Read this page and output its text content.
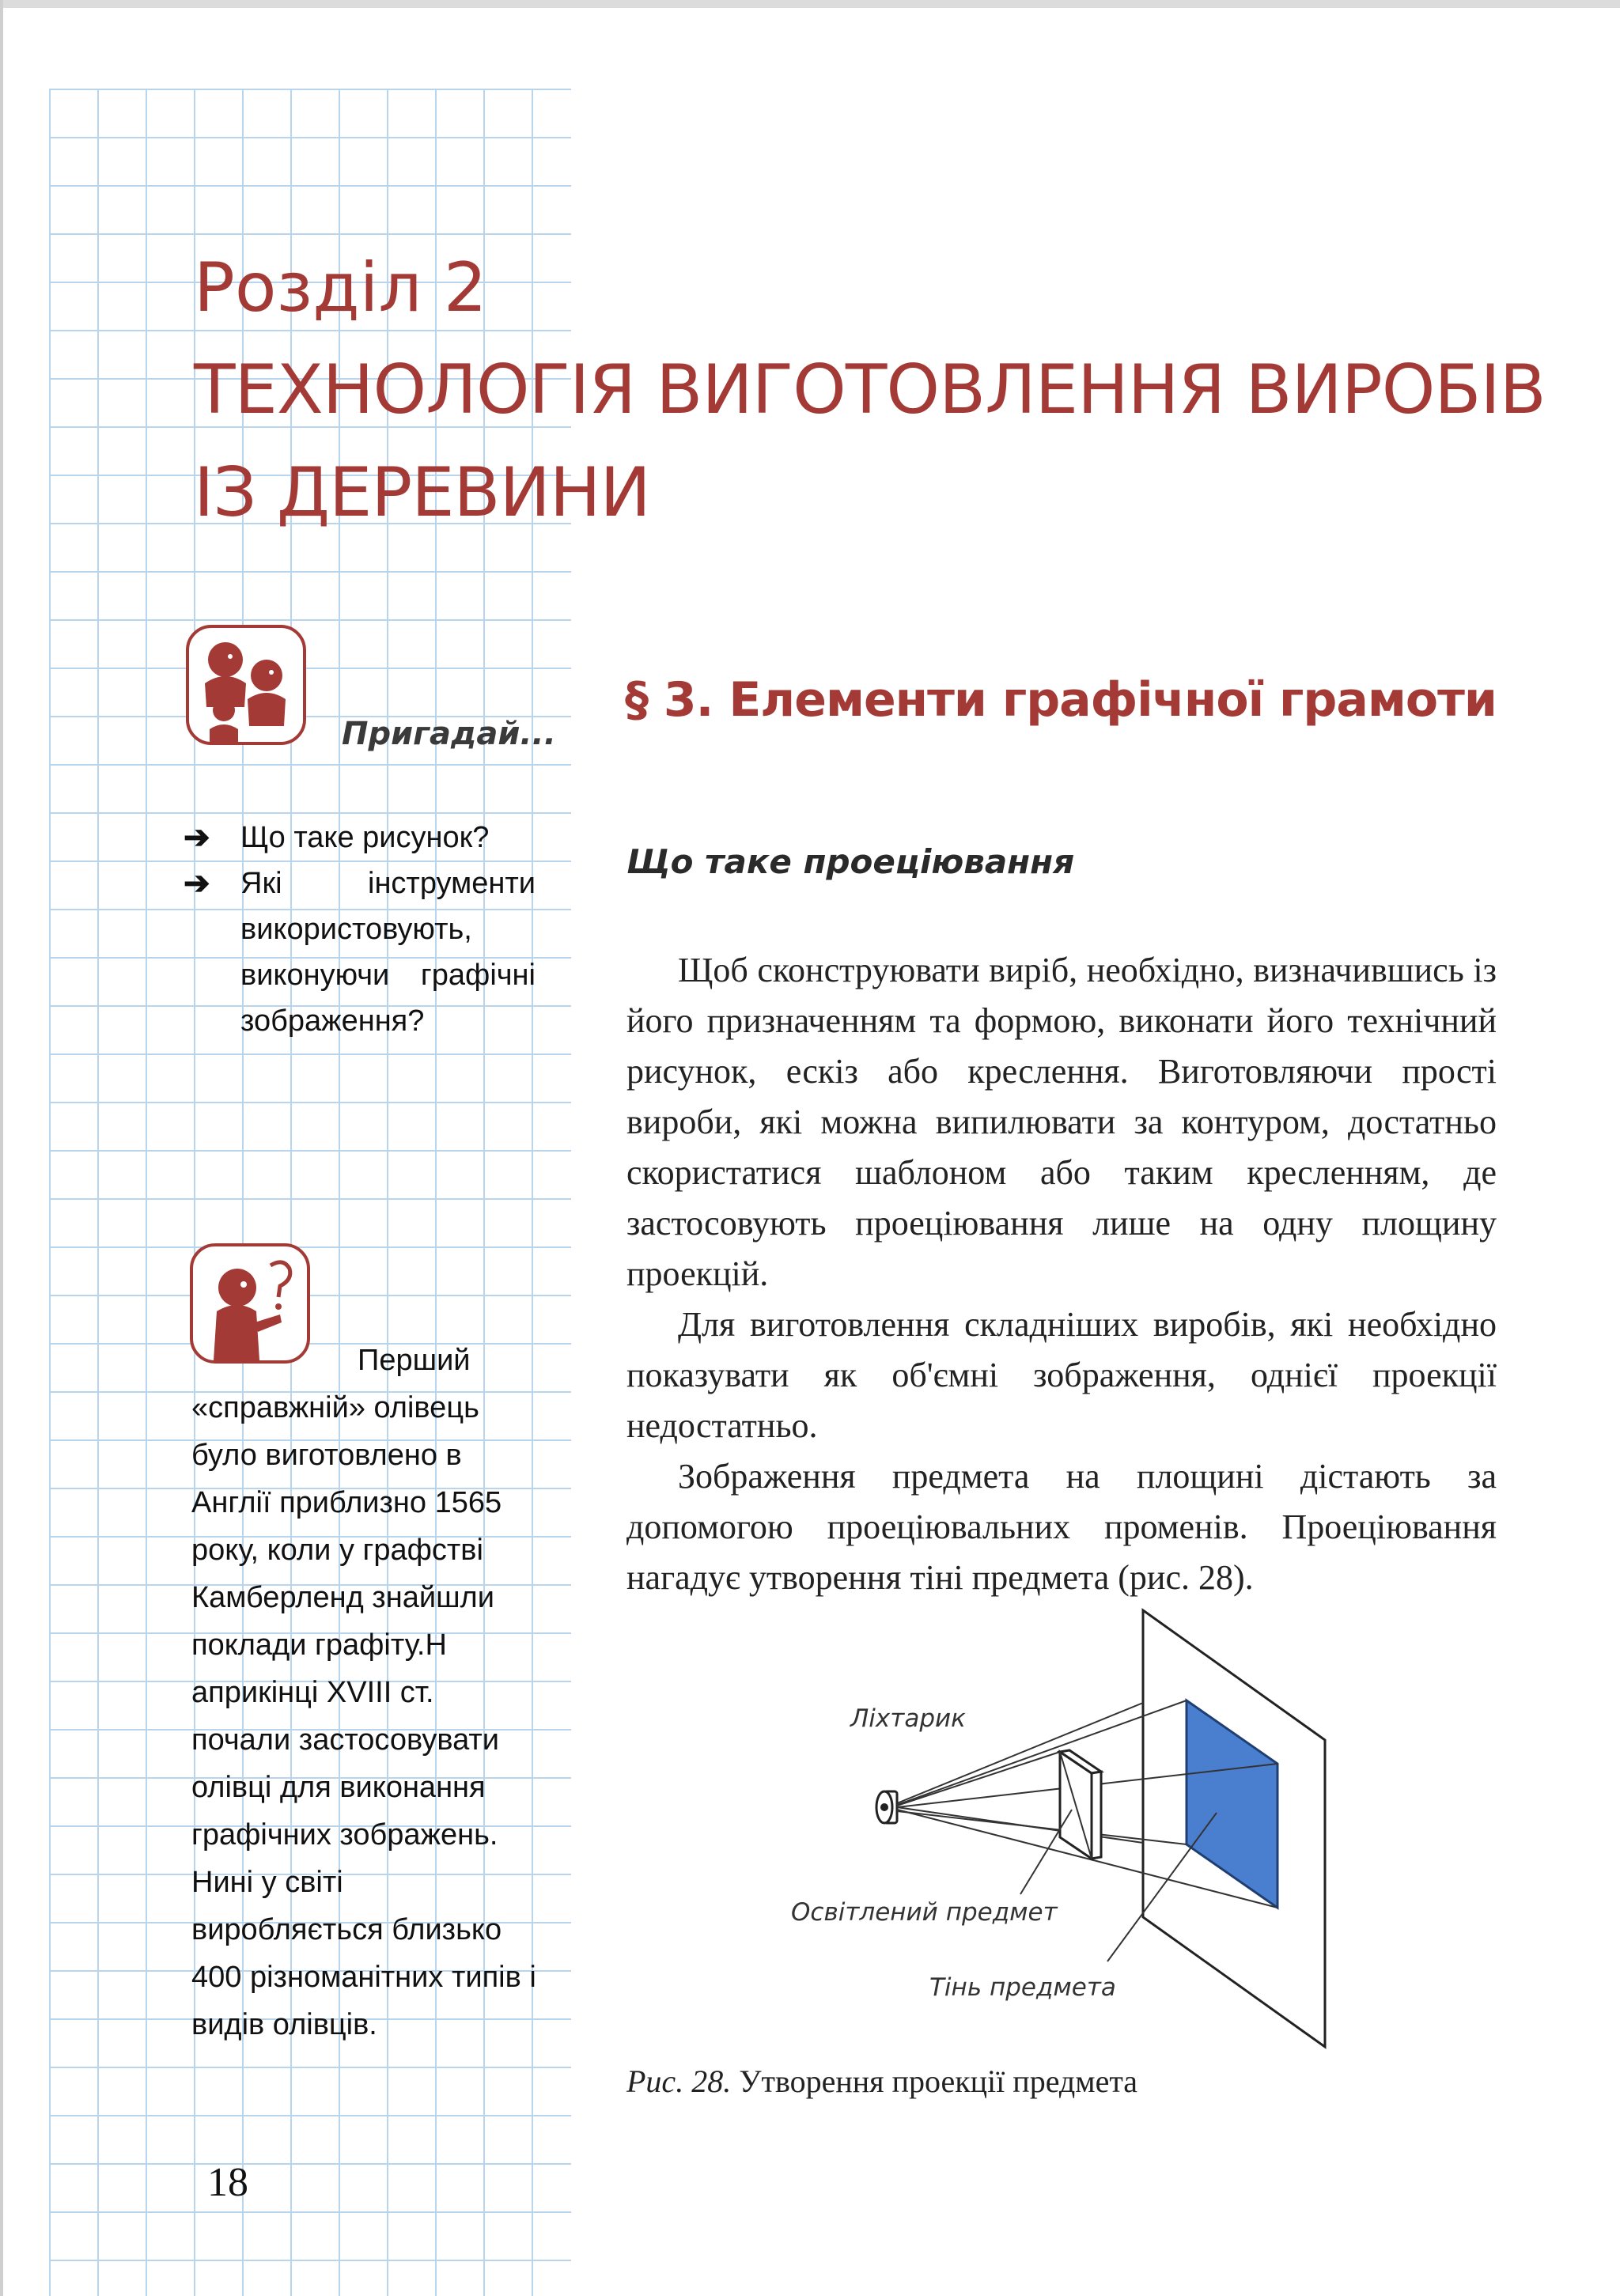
Розділ 2
ТЕХНОЛОГІЯ ВИГОТОВЛЕННЯ ВИРОБІВ
ІЗ ДЕРЕВИНИ
Пригадай...
➔ Що таке рисунок?
➔ Які інструменти використовують, виконуючи графічні зображення?

Перший «справжній» олівець було виготовлено в Англії приблизно 1565 року, коли у графстві Камберленд знайшли поклади графіту.Н априкінці XVIII ст. почали застосовувати олівці для виконання графічних зображень. Нині у світі виробляється близько 400 різноманітних типів і видів олівців.

18
§ 3. Елементи графічної грамоти
Що таке проеціювання

Щоб сконструювати виріб, необхідно, визначившись із його призначенням та формою, виконати його технічний рисунок, ескіз або креслення. Виготовляючи прості вироби, які можна випилювати за контуром, достатньо скористатися шаблоном або таким кресленням, де застосовують проеціювання лише на одну площину проекцій.

Для виготовлення складніших виробів, які необхідно показувати як об'ємні зображення, однієї проекції недостатньо.

Зображення предмета на площині дістають за допомогою проеціювальних променів. Проеціювання нагадує утворення тіні предмета (рис. 28).

Ліхтарик
Освітлений предмет
Тінь предмета
Рис. 28. Утворення проекції предмета
